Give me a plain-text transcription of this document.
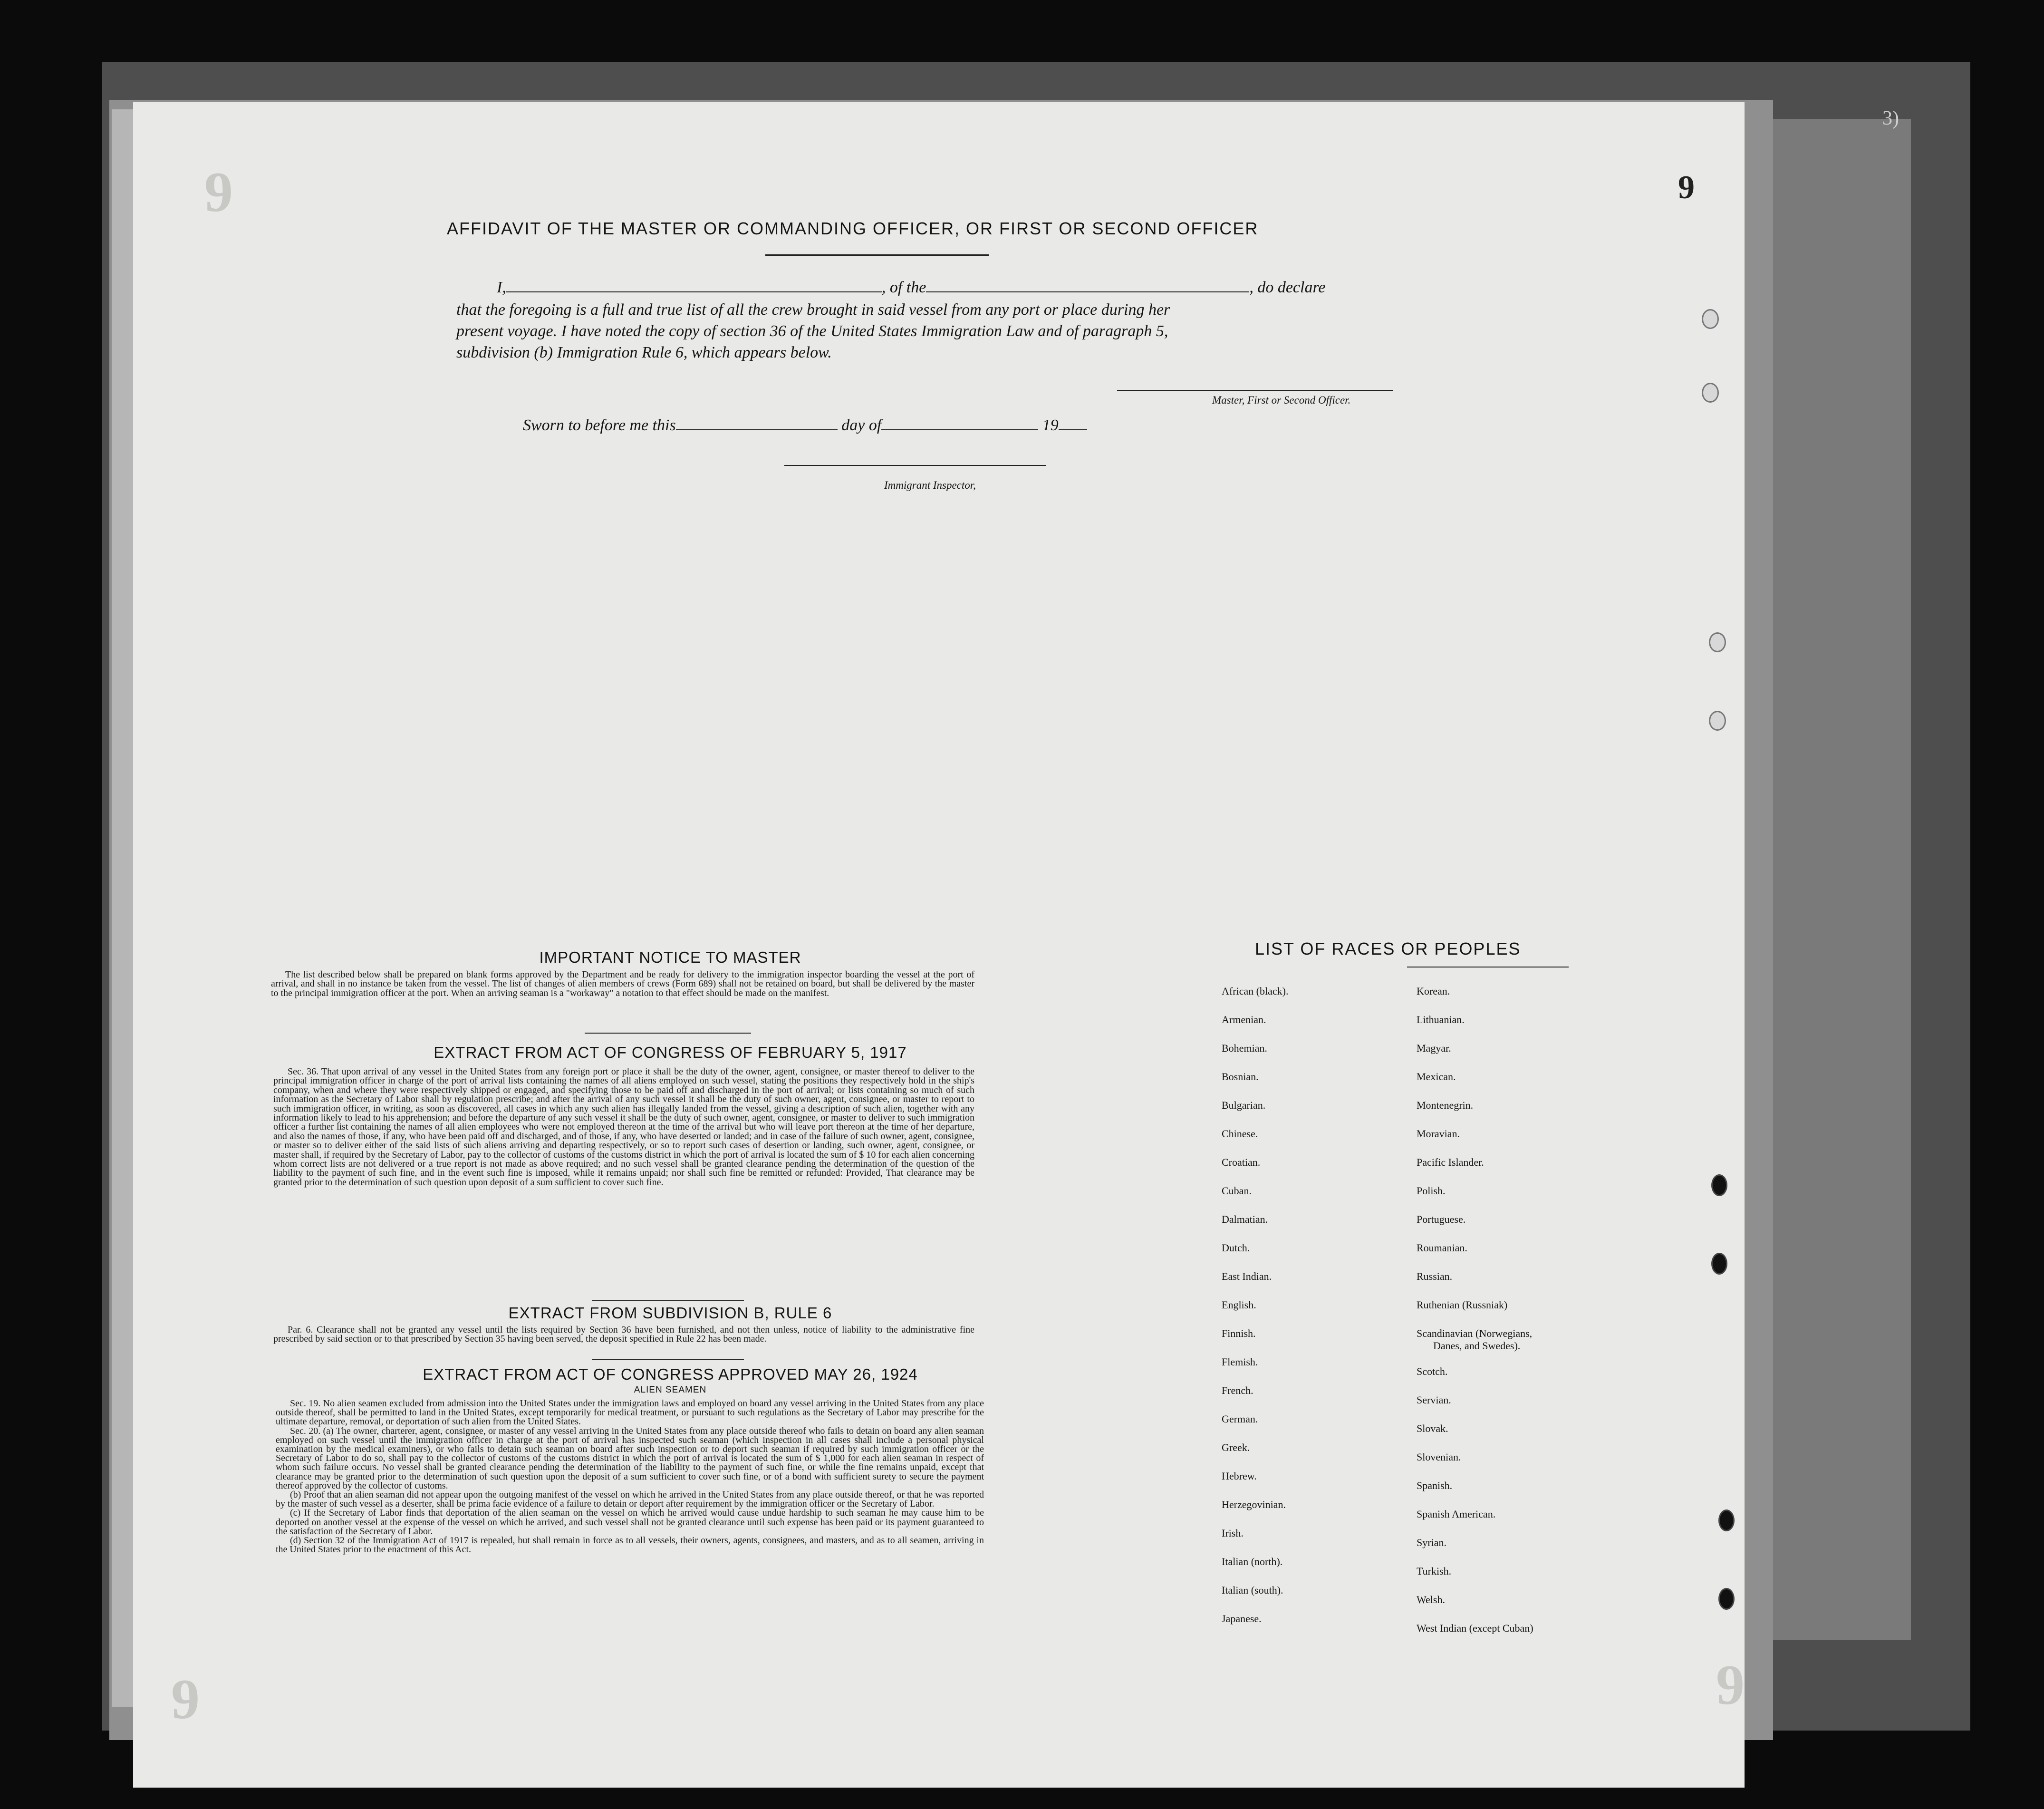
3)
9	9
9	9
AFFIDAVIT OF THE MASTER OR COMMANDING OFFICER, OR FIRST OR SECOND OFFICER
I,	, of the	, do declare
that the foregoing is a full and true list of all the crew brought in said vessel from any port or place during her
present voyage. I have noted the copy of section 36 of the United States Immigration Law and of paragraph 5,
subdivision (b) Immigration Rule 6, which appears below.
Master, First or Second Officer.
Sworn to before me this	day of	19
Immigrant Inspector,
IMPORTANT NOTICE TO MASTER

The list described below shall be prepared on blank forms approved by the Department and be ready for delivery to the immigration inspector boarding the vessel at the port of arrival, and shall in no instance be taken from the vessel. The list of changes of alien members of crews (Form 689) shall not be retained on board, but shall be delivered by the master to the principal immigration officer at the port. When an arriving seaman is a "workaway" a notation to that effect should be made on the manifest.

EXTRACT FROM ACT OF CONGRESS OF FEBRUARY 5, 1917

Sec. 36. That upon arrival of any vessel in the United States from any foreign port or place it shall be the duty of the owner, agent, consignee, or master thereof to deliver to the principal immigration officer in charge of the port of arrival lists containing the names of all aliens employed on such vessel, stating the positions they respectively hold in the ship's company, when and where they were respectively shipped or engaged, and specifying those to be paid off and discharged in the port of arrival; or lists containing so much of such information as the Secretary of Labor shall by regulation prescribe; and after the arrival of any such vessel it shall be the duty of such owner, agent, consignee, or master to report to such immigration officer, in writing, as soon as discovered, all cases in which any such alien has illegally landed from the vessel, giving a description of such alien, together with any information likely to lead to his apprehension; and before the departure of any such vessel it shall be the duty of such owner, agent, consignee, or master to deliver to such immigration officer a further list containing the names of all alien employees who were not employed thereon at the time of the arrival but who will leave port thereon at the time of her departure, and also the names of those, if any, who have been paid off and discharged, and of those, if any, who have deserted or landed; and in case of the failure of such owner, agent, consignee, or master so to deliver either of the said lists of such aliens arriving and departing respectively, or so to report such cases of desertion or landing, such owner, agent, consignee, or master shall, if required by the Secretary of Labor, pay to the collector of customs of the customs district in which the port of arrival is located the sum of $ 10 for each alien concerning whom correct lists are not delivered or a true report is not made as above required; and no such vessel shall be granted clearance pending the determination of the question of the liability to the payment of such fine, and in the event such fine is imposed, while it remains unpaid; nor shall such fine be remitted or refunded: Provided, That clearance may be granted prior to the determination of such question upon deposit of a sum sufficient to cover such fine.

EXTRACT FROM SUBDIVISION B, RULE 6

Par. 6. Clearance shall not be granted any vessel until the lists required by Section 36 have been furnished, and not then unless, notice of liability to the administrative fine prescribed by said section or to that prescribed by Section 35 having been served, the deposit specified in Rule 22 has been made.

EXTRACT FROM ACT OF CONGRESS APPROVED MAY 26, 1924
ALIEN SEAMEN

Sec. 19. No alien seamen excluded from admission into the United States under the immigration laws and employed on board any vessel arriving in the United States from any place outside thereof, shall be permitted to land in the United States, except temporarily for medical treatment, or pursuant to such regulations as the Secretary of Labor may prescribe for the ultimate departure, removal, or deportation of such alien from the United States.

Sec. 20. (a) The owner, charterer, agent, consignee, or master of any vessel arriving in the United States from any place outside thereof who fails to detain on board any alien seaman employed on such vessel until the immigration officer in charge at the port of arrival has inspected such seaman (which inspection in all cases shall include a personal physical examination by the medical examiners), or who fails to detain such seaman on board after such inspection or to deport such seaman if required by such immigration officer or the Secretary of Labor to do so, shall pay to the collector of customs of the customs district in which the port of arrival is located the sum of $ 1,000 for each alien seaman in respect of whom such failure occurs. No vessel shall be granted clearance pending the determination of the liability to the payment of such fine, or while the fine remains unpaid, except that clearance may be granted prior to the determination of such question upon the deposit of a sum sufficient to cover such fine, or of a bond with sufficient surety to secure the payment thereof approved by the collector of customs.

(b) Proof that an alien seaman did not appear upon the outgoing manifest of the vessel on which he arrived in the United States from any place outside thereof, or that he was reported by the master of such vessel as a deserter, shall be prima facie evidence of a failure to detain or deport after requirement by the immigration officer or the Secretary of Labor.

(c) If the Secretary of Labor finds that deportation of the alien seaman on the vessel on which he arrived would cause undue hardship to such seaman he may cause him to be deported on another vessel at the expense of the vessel on which he arrived, and such vessel shall not be granted clearance until such expense has been paid or its payment guaranteed to the satisfaction of the Secretary of Labor.

(d) Section 32 of the Immigration Act of 1917 is repealed, but shall remain in force as to all vessels, their owners, agents, consignees, and masters, and as to all seamen, arriving in the United States prior to the enactment of this Act.

LIST OF RACES OR PEOPLES
African (black).
Armenian.
Bohemian.
Bosnian.
Bulgarian.
Chinese.
Croatian.
Cuban.
Dalmatian.
Dutch.
East Indian.
English.
Finnish.
Flemish.
French.
German.
Greek.
Hebrew.
Herzegovinian.
Irish.
Italian (north).
Italian (south).
Japanese.
Korean.
Lithuanian.
Magyar.
Mexican.
Montenegrin.
Moravian.
Pacific Islander.
Polish.
Portuguese.
Roumanian.
Russian.
Ruthenian (Russniak)
Scandinavian (Norwegians,
Danes, and Swedes).
Scotch.
Servian.
Slovak.
Slovenian.
Spanish.
Spanish American.
Syrian.
Turkish.
Welsh.
West Indian (except Cuban)
